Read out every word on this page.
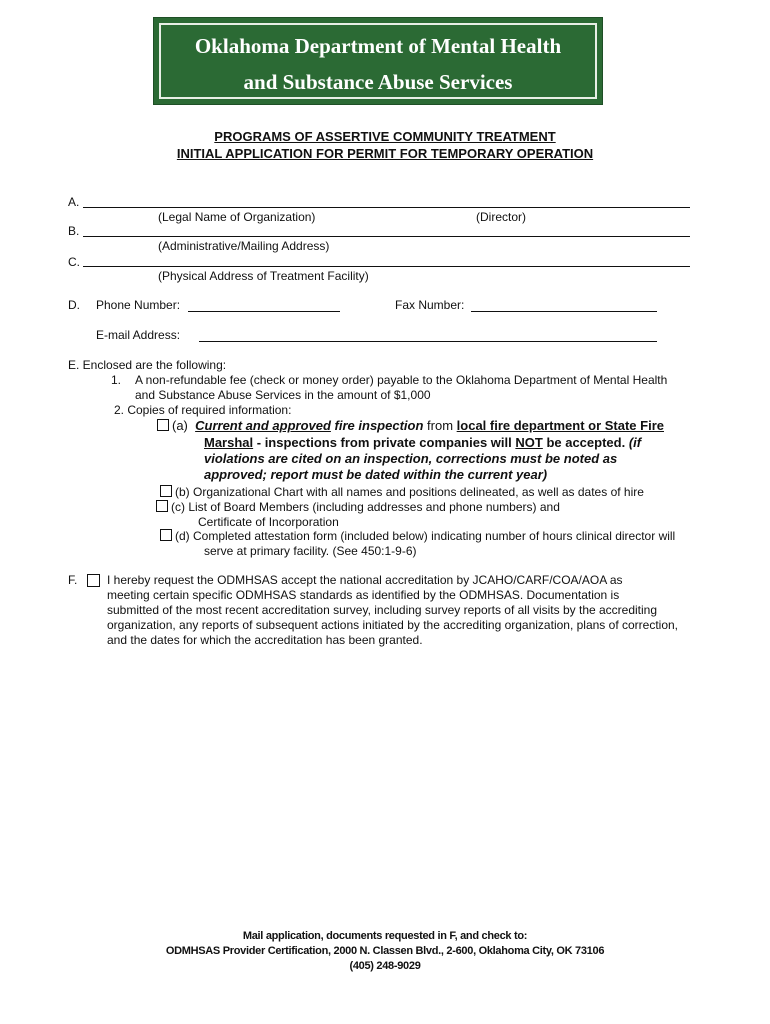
Oklahoma Department of Mental Health
and Substance Abuse Services
PROGRAMS OF ASSERTIVE COMMUNITY TREATMENT
INITIAL APPLICATION FOR PERMIT FOR TEMPORARY OPERATION
A.
(Legal Name of Organization)	(Director)
B.
(Administrative/Mailing Address)
C.
(Physical Address of Treatment Facility)
D. Phone Number:	Fax Number:
E-mail Address:
E. Enclosed are the following:
1. A non-refundable fee (check or money order) payable to the Oklahoma Department of Mental Health
and Substance Abuse Services in the amount of $1,000
2. Copies of required information:
(a) Current and approved fire inspection from local fire department or State Fire
Marshal - inspections from private companies will NOT be accepted. (if
violations are cited on an inspection, corrections must be noted as
approved; report must be dated within the current year)
(b) Organizational Chart with all names and positions delineated, as well as dates of hire
(c) List of Board Members (including addresses and phone numbers) and
Certificate of Incorporation
(d) Completed attestation form (included below) indicating number of hours clinical director will
serve at primary facility. (See 450:1-9-6)
F. I hereby request the ODMHSAS accept the national accreditation by JCAHO/CARF/COA/AOA as
meeting certain specific ODMHSAS standards as identified by the ODMHSAS. Documentation is
submitted of the most recent accreditation survey, including survey reports of all visits by the accrediting
organization, any reports of subsequent actions initiated by the accrediting organization, plans of correction,
and the dates for which the accreditation has been granted.
Mail application, documents requested in F, and check to:
ODMHSAS Provider Certification, 2000 N. Classen Blvd., 2-600, Oklahoma City, OK 73106
(405) 248-9029
